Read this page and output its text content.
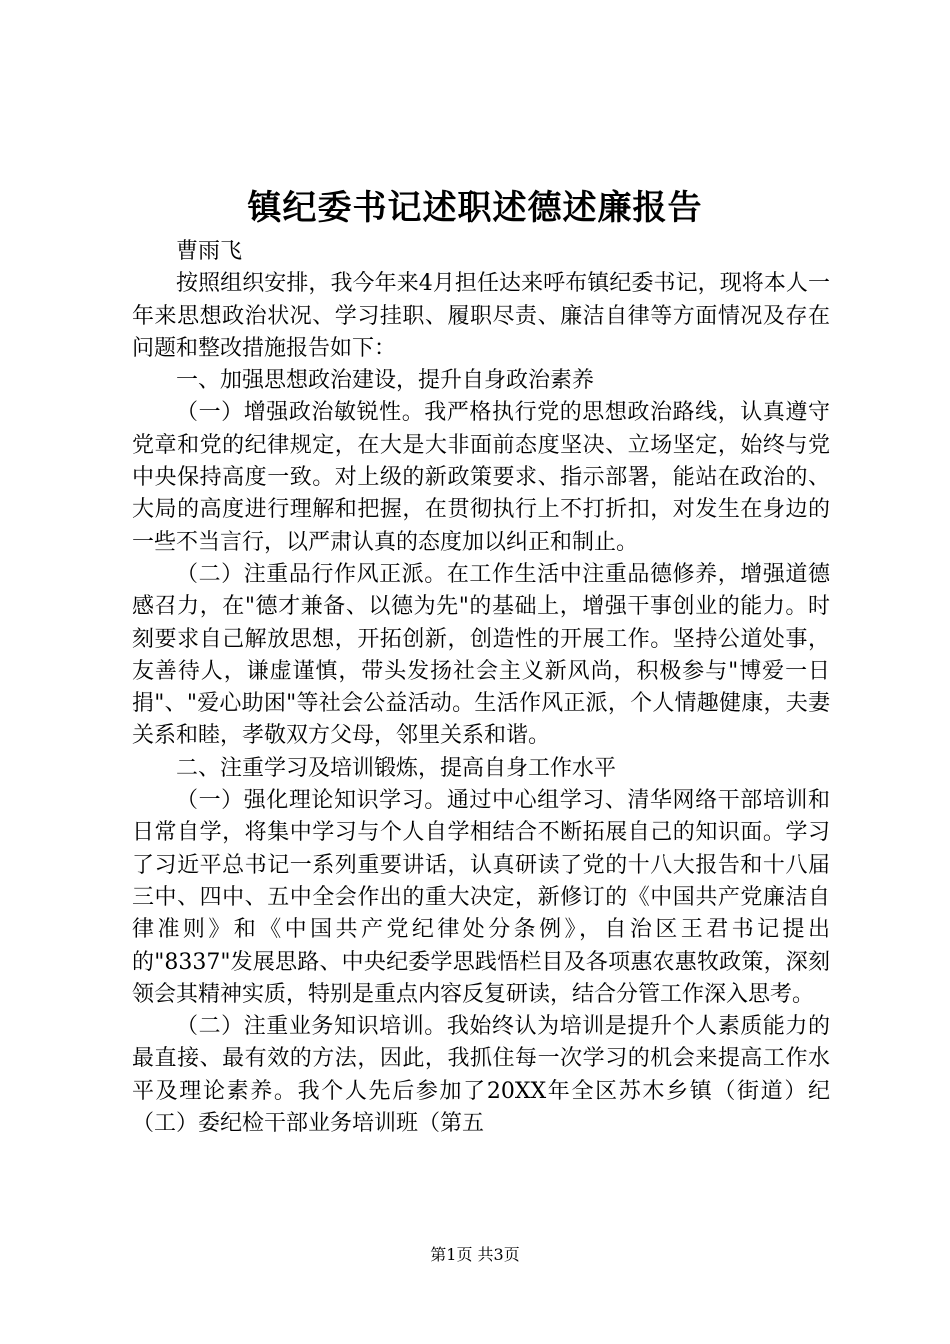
镇纪委书记述职述德述廉报告

曹雨飞

按照组织安排，我今年来4月担任达来呼布镇纪委书记，现将本人一年来思想政治状况、学习挂职、履职尽责、廉洁自律等方面情况及存在问题和整改措施报告如下：

一、加强思想政治建设，提升自身政治素养

（一）增强政治敏锐性。我严格执行党的思想政治路线，认真遵守党章和党的纪律规定，在大是大非面前态度坚决、立场坚定，始终与党中央保持高度一致。对上级的新政策要求、指示部署，能站在政治的、大局的高度进行理解和把握，在贯彻执行上不打折扣，对发生在身边的一些不当言行，以严肃认真的态度加以纠正和制止。

（二）注重品行作风正派。在工作生活中注重品德修养，增强道德感召力，在"德才兼备、以德为先"的基础上，增强干事创业的能力。时刻要求自己解放思想，开拓创新，创造性的开展工作。坚持公道处事，友善待人，谦虚谨慎，带头发扬社会主义新风尚，积极参与"博爱一日捐"、"爱心助困"等社会公益活动。生活作风正派，个人情趣健康，夫妻关系和睦，孝敬双方父母，邻里关系和谐。

二、注重学习及培训锻炼，提高自身工作水平

（一）强化理论知识学习。通过中心组学习、清华网络干部培训和日常自学，将集中学习与个人自学相结合不断拓展自己的知识面。学习了习近平总书记一系列重要讲话，认真研读了党的十八大报告和十八届三中、四中、五中全会作出的重大决定，新修订的《中国共产党廉洁自律准则》和《中国共产党纪律处分条例》，自治区王君书记提出的"8337"发展思路、中央纪委学思践悟栏目及各项惠农惠牧政策，深刻领会其精神实质，特别是重点内容反复研读，结合分管工作深入思考。

（二）注重业务知识培训。我始终认为培训是提升个人素质能力的最直接、最有效的方法，因此，我抓住每一次学习的机会来提高工作水平及理论素养。我个人先后参加了20XX年全区苏木乡镇（街道）纪（工）委纪检干部业务培训班（第五

第1页 共3页
